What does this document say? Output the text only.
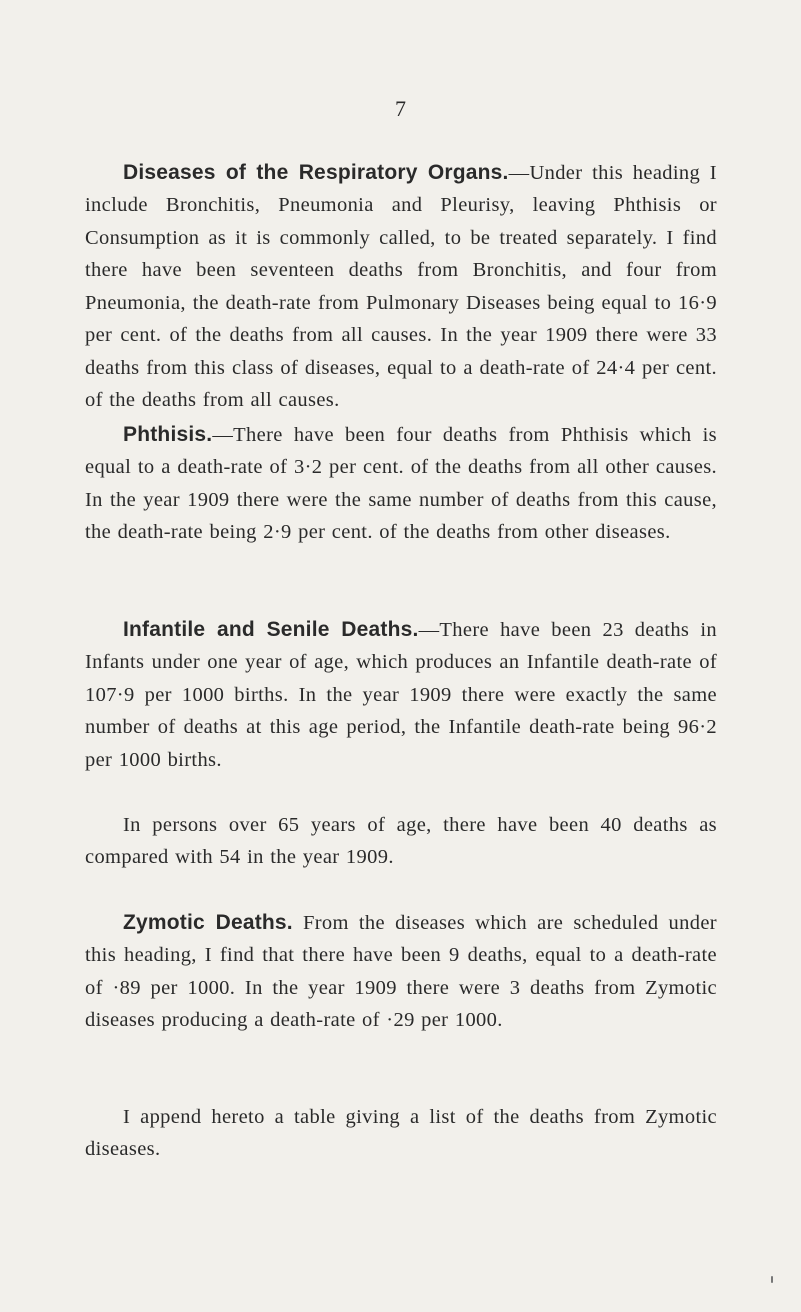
7

Diseases of the Respiratory Organs.—Under this heading I include Bronchitis, Pneumonia and Pleurisy, leaving Phthisis or Consumption as it is commonly called, to be treated separately. I find there have been seventeen deaths from Bronchitis, and four from Pneumonia, the death-rate from Pulmonary Diseases being equal to 16·9 per cent. of the deaths from all causes. In the year 1909 there were 33 deaths from this class of diseases, equal to a death-rate of 24·4 per cent. of the deaths from all causes.

Phthisis.—There have been four deaths from Phthisis which is equal to a death-rate of 3·2 per cent. of the deaths from all other causes. In the year 1909 there were the same number of deaths from this cause, the death-rate being 2·9 per cent. of the deaths from other diseases.

Infantile and Senile Deaths.—There have been 23 deaths in Infants under one year of age, which produces an Infantile death-rate of 107·9 per 1000 births. In the year 1909 there were exactly the same number of deaths at this age period, the Infantile death-rate being 96·2 per 1000 births.

In persons over 65 years of age, there have been 40 deaths as compared with 54 in the year 1909.

Zymotic Deaths. From the diseases which are scheduled under this heading, I find that there have been 9 deaths, equal to a death-rate of ·89 per 1000. In the year 1909 there were 3 deaths from Zymotic diseases producing a death-rate of ·29 per 1000.

I append hereto a table giving a list of the deaths from Zymotic diseases.
